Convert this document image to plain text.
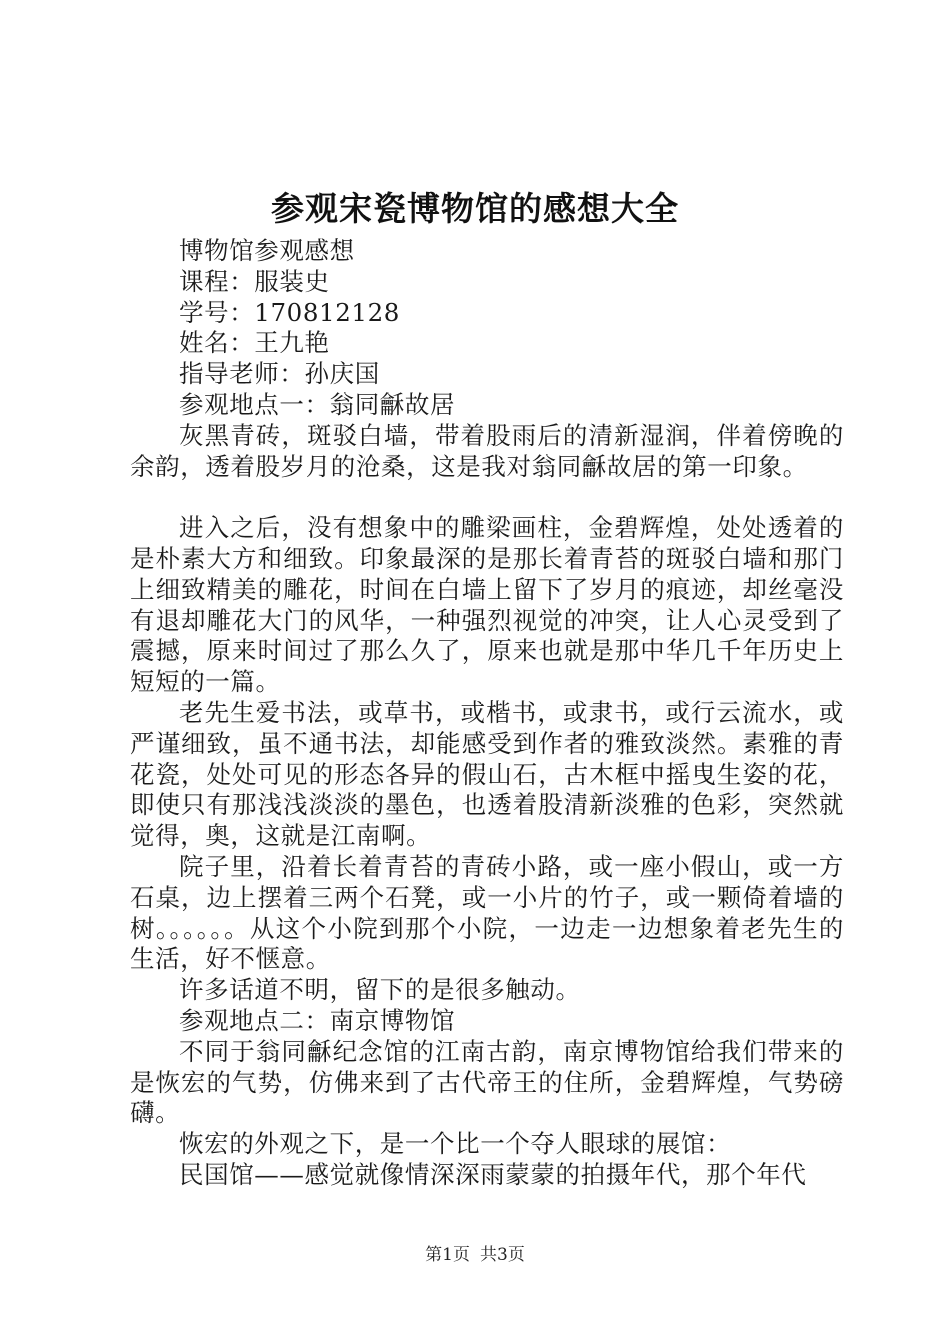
参观宋瓷博物馆的感想大全

博物馆参观感想

课程：服装史

学号：170812128

姓名：王九艳

指导老师：孙庆国

参观地点一：翁同龢故居

灰黑青砖，斑驳白墙，带着股雨后的清新湿润，伴着傍晚的余韵，透着股岁月的沧桑，这是我对翁同龢故居的第一印象。

进入之后，没有想象中的雕梁画柱，金碧辉煌，处处透着的是朴素大方和细致。印象最深的是那长着青苔的斑驳白墙和那门上细致精美的雕花，时间在白墙上留下了岁月的痕迹，却丝毫没有退却雕花大门的风华，一种强烈视觉的冲突，让人心灵受到了震撼，原来时间过了那么久了，原来也就是那中华几千年历史上短短的一篇。

老先生爱书法，或草书，或楷书，或隶书，或行云流水，或严谨细致，虽不通书法，却能感受到作者的雅致淡然。素雅的青花瓷，处处可见的形态各异的假山石，古木框中摇曳生姿的花，即使只有那浅浅淡淡的墨色，也透着股清新淡雅的色彩，突然就觉得，奥，这就是江南啊。

院子里，沿着长着青苔的青砖小路，或一座小假山，或一方石桌，边上摆着三两个石凳，或一小片的竹子，或一颗倚着墙的树。。。。。。从这个小院到那个小院，一边走一边想象着老先生的生活，好不惬意。

许多话道不明，留下的是很多触动。

参观地点二：南京博物馆

不同于翁同龢纪念馆的江南古韵，南京博物馆给我们带来的是恢宏的气势，仿佛来到了古代帝王的住所，金碧辉煌，气势磅礴。

恢宏的外观之下，是一个比一个夺人眼球的展馆：

民国馆——感觉就像情深深雨蒙蒙的拍摄年代，那个年代

第1页 共3页
